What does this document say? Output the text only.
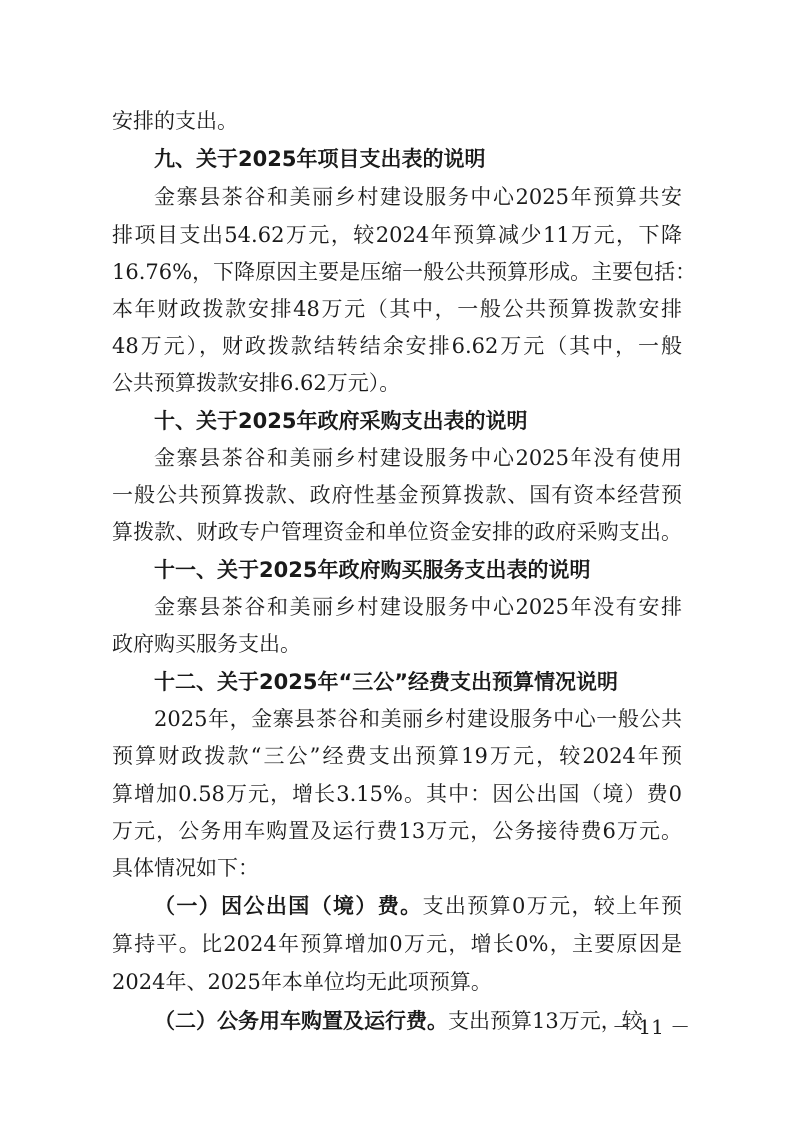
安排的支出。
九、关于2025年项目支出表的说明
金寨县茶谷和美丽乡村建设服务中心2025年预算共安
排项目支出54.62万元，较2024年预算减少11万元，下降
16.76%，下降原因主要是压缩一般公共预算形成。主要包括：
本年财政拨款安排48万元（其中，一般公共预算拨款安排
48万元），财政拨款结转结余安排6.62万元（其中，一般
公共预算拨款安排6.62万元）。
十、关于2025年政府采购支出表的说明
金寨县茶谷和美丽乡村建设服务中心2025年没有使用
一般公共预算拨款、政府性基金预算拨款、国有资本经营预
算拨款、财政专户管理资金和单位资金安排的政府采购支出。
十一、关于2025年政府购买服务支出表的说明
金寨县茶谷和美丽乡村建设服务中心2025年没有安排
政府购买服务支出。
十二、关于2025年“三公”经费支出预算情况说明
2025年，金寨县茶谷和美丽乡村建设服务中心一般公共
预算财政拨款“三公”经费支出预算19万元，较2024年预
算增加0.58万元，增长3.15%。其中：因公出国（境）费0
万元，公务用车购置及运行费13万元，公务接待费6万元。
具体情况如下：
（一）因公出国（境）费。支出预算0万元，较上年预
算持平。比2024年预算增加0万元，增长0%，主要原因是
2024年、2025年本单位均无此项预算。
（二）公务用车购置及运行费。支出预算13万元，较
－ 11 －
